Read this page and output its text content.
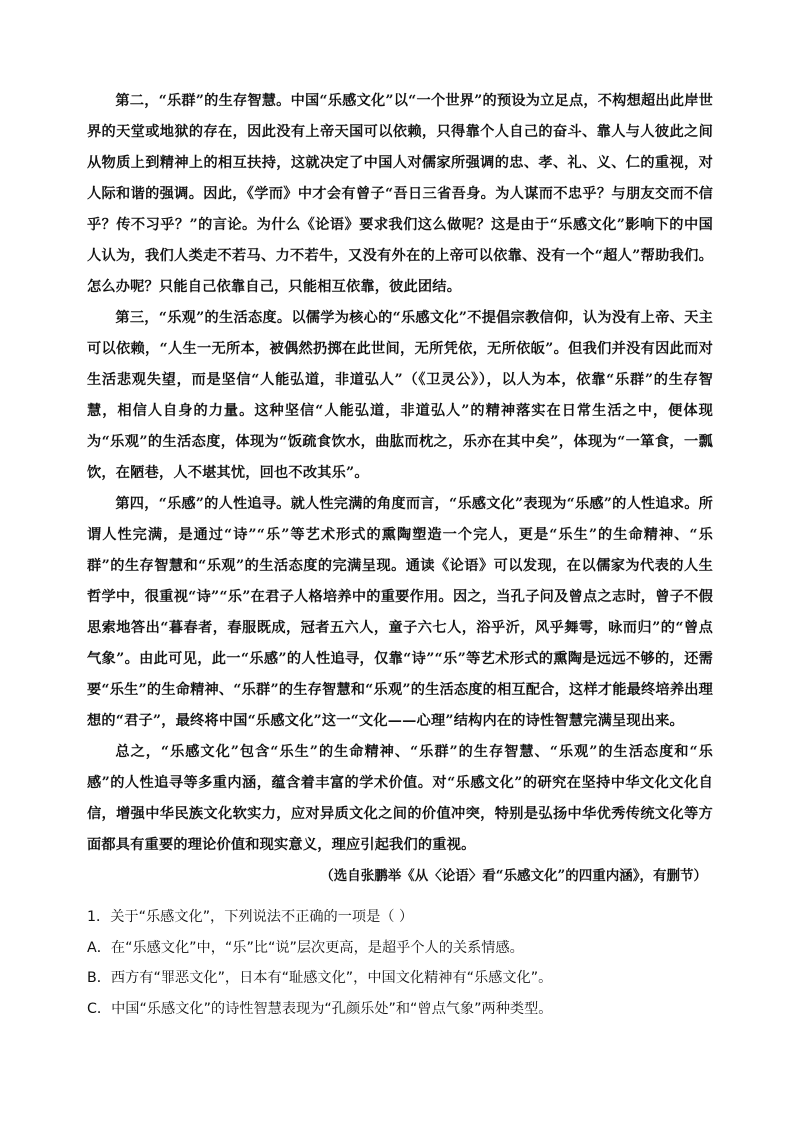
第二，“乐群”的生存智慧。中国“乐感文化”以“一个世界”的预设为立足点，不构想超出此岸世界的天堂或地狱的存在，因此没有上帝天国可以依赖，只得靠个人自己的奋斗、靠人与人彼此之间从物质上到精神上的相互扶持，这就决定了中国人对儒家所强调的忠、孝、礼、义、仁的重视，对人际和谐的强调。因此，《学而》中才会有曾子“吾日三省吾身。为人谋而不忠乎？与朋友交而不信乎？传不习乎？”的言论。为什么《论语》要求我们这么做呢？这是由于“乐感文化”影响下的中国人认为，我们人类走不若马、力不若牛，又没有外在的上帝可以依靠、没有一个“超人”帮助我们。怎么办呢？只能自己依靠自己，只能相互依靠，彼此团结。

第三，“乐观”的生活态度。以儒学为核心的“乐感文化”不提倡宗教信仰，认为没有上帝、天主可以依赖，“人生一无所本，被偶然扔掷在此世间，无所凭依，无所依皈”。但我们并没有因此而对生活悲观失望，而是坚信“人能弘道，非道弘人”（《卫灵公》），以人为本，依靠“乐群”的生存智慧，相信人自身的力量。这种坚信“人能弘道，非道弘人”的精神落实在日常生活之中，便体现为“乐观”的生活态度，体现为“饭疏食饮水，曲肱而枕之，乐亦在其中矣”，体现为“一箪食，一瓢饮，在陋巷，人不堪其忧，回也不改其乐”。

第四，“乐感”的人性追寻。就人性完满的角度而言，“乐感文化”表现为“乐感”的人性追求。所谓人性完满，是通过“诗”“乐”等艺术形式的熏陶塑造一个完人，更是“乐生”的生命精神、“乐群”的生存智慧和“乐观”的生活态度的完满呈现。通读《论语》可以发现，在以儒家为代表的人生哲学中，很重视“诗”“乐”在君子人格培养中的重要作用。因之，当孔子问及曾点之志时，曾子不假思索地答出“暮春者，春服既成，冠者五六人，童子六七人，浴乎沂，风乎舞雩，咏而归”的“曾点气象”。由此可见，此一“乐感”的人性追寻，仅靠“诗”“乐”等艺术形式的熏陶是远远不够的，还需要“乐生”的生命精神、“乐群”的生存智慧和“乐观”的生活态度的相互配合，这样才能最终培养出理想的“君子”，最终将中国“乐感文化”这一“文化——心理”结构内在的诗性智慧完满呈现出来。

总之，“乐感文化”包含“乐生”的生命精神、“乐群”的生存智慧、“乐观”的生活态度和“乐感”的人性追寻等多重内涵，蕴含着丰富的学术价值。对“乐感文化”的研究在坚持中华文化文化自信，增强中华民族文化软实力，应对异质文化之间的价值冲突，特别是弘扬中华优秀传统文化等方面都具有重要的理论价值和现实意义，理应引起我们的重视。

（选自张鹏举《从〈论语〉看“乐感文化”的四重内涵》，有删节）

1．关于“乐感文化”，下列说法不正确的一项是（ ）

A．在“乐感文化”中，“乐”比“说”层次更高，是超乎个人的关系情感。

B．西方有“罪恶文化”，日本有“耻感文化”，中国文化精神有“乐感文化”。

C．中国“乐感文化”的诗性智慧表现为“孔颜乐处”和“曾点气象”两种类型。
